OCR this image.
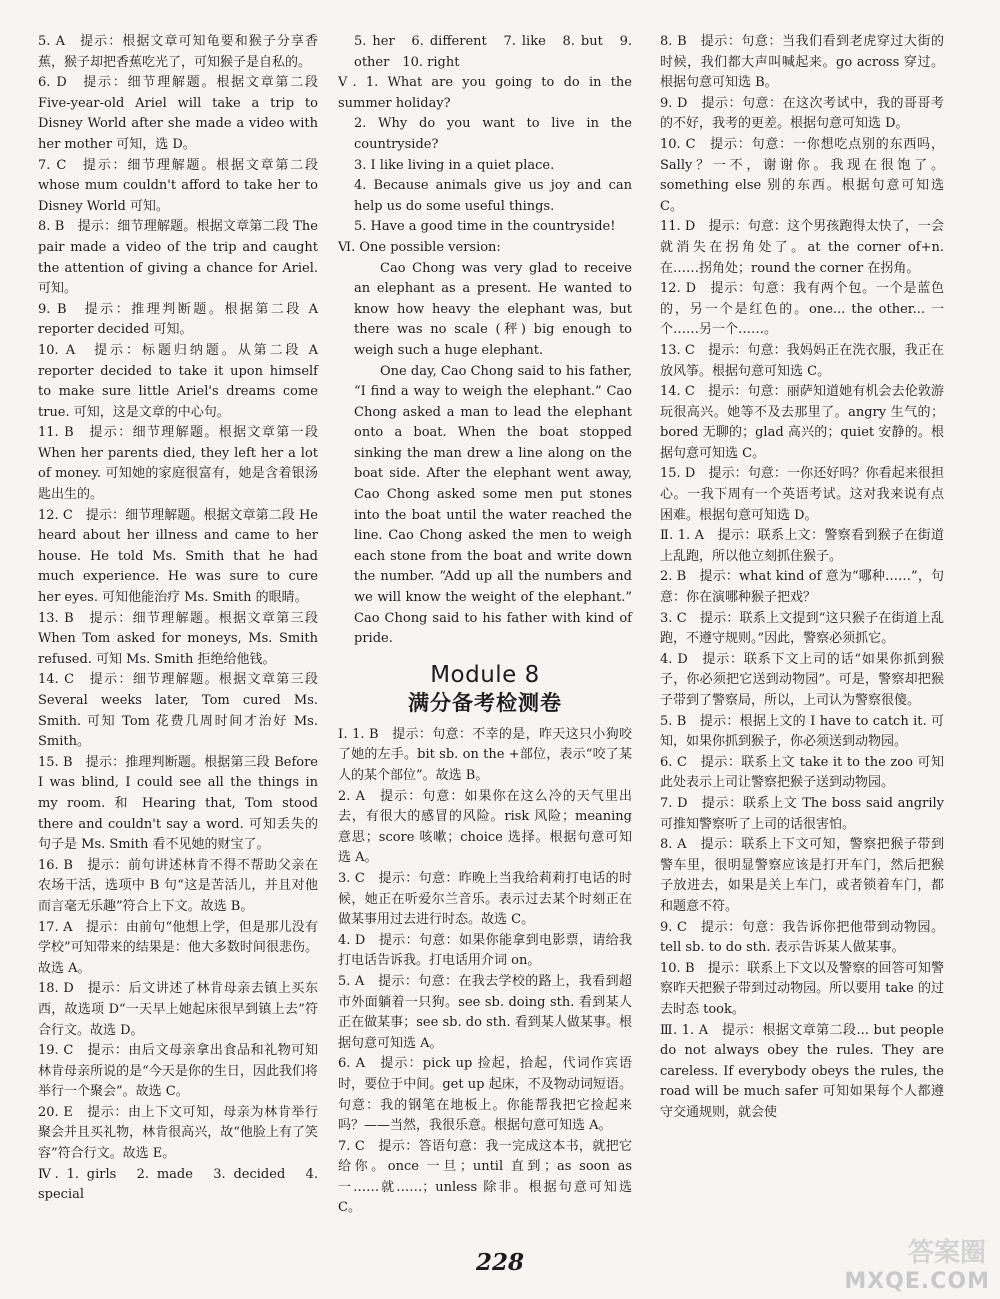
5. A　提示：根据文章可知龟要和猴子分享香蕉，猴子却把香蕉吃光了，可知猴子是自私的。

6. D　提示：细节理解题。根据文章第二段 Five-year-old Ariel will take a trip to Disney World after she made a video with her mother 可知，选 D。

7. C　提示：细节理解题。根据文章第二段 whose mum couldn't afford to take her to Disney World 可知。

8. B　提示：细节理解题。根据文章第二段 The pair made a video of the trip and caught the attention of giving a chance for Ariel. 可知。

9. B　提示：推理判断题。根据第二段 A reporter decided 可知。

10. A　提示：标题归纳题。从第二段 A reporter decided to take it upon himself to make sure little Ariel's dreams come true. 可知，这是文章的中心句。

11. B　提示：细节理解题。根据文章第一段 When her parents died, they left her a lot of money. 可知她的家庭很富有，她是含着银汤匙出生的。

12. C　提示：细节理解题。根据文章第二段 He heard about her illness and came to her house. He told Ms. Smith that he had much experience. He was sure to cure her eyes. 可知他能治疗 Ms. Smith 的眼睛。

13. B　提示：细节理解题。根据文章第三段 When Tom asked for moneys, Ms. Smith refused. 可知 Ms. Smith 拒绝给他钱。

14. C　提示：细节理解题。根据文章第三段 Several weeks later, Tom cured Ms. Smith. 可知 Tom 花费几周时间才治好 Ms. Smith。

15. B　提示：推理判断题。根据第三段 Before I was blind, I could see all the things in my room. 和 Hearing that, Tom stood there and couldn't say a word. 可知丢失的句子是 Ms. Smith 看不见她的财宝了。

16. B　提示：前句讲述林肯不得不帮助父亲在农场干活，选项中 B 句“这是苦活儿，并且对他而言毫无乐趣”符合上下文。故选 B。

17. A　提示：由前句“他想上学，但是那儿没有学校”可知带来的结果是：他大多数时间很悲伤。故选 A。

18. D　提示：后文讲述了林肯母亲去镇上买东西，故选项 D“一天早上她起床很早到镇上去”符合行文。故选 D。

19. C　提示：由后文母亲拿出食品和礼物可知林肯母亲所说的是“今天是你的生日，因此我们将举行一个聚会”。故选 C。

20. E　提示：由上下文可知，母亲为林肯举行聚会并且买礼物，林肯很高兴，故“他脸上有了笑容”符合行文。故选 E。

Ⅳ. 1. girls　2. made　3. decided　4. special

5. her　6. different　7. like　8. but　9. other　10. right

Ⅴ. 1. What are you going to do in the summer holiday?

2. Why do you want to live in the countryside?

3. I like living in a quiet place.

4. Because animals give us joy and can help us do some useful things.

5. Have a good time in the countryside!

Ⅵ. One possible version:

Cao Chong was very glad to receive an elephant as a present. He wanted to know how heavy the elephant was, but there was no scale (秤) big enough to weigh such a huge elephant.

One day, Cao Chong said to his father, “I find a way to weigh the elephant.” Cao Chong asked a man to lead the elephant onto a boat. When the boat stopped sinking the man drew a line along on the boat side. After the elephant went away, Cao Chong asked some men put stones into the boat until the water reached the line. Cao Chong asked the men to weigh each stone from the boat and write down the number. “Add up all the numbers and we will know the weight of the elephant.” Cao Chong said to his father with kind of pride.

Module 8
满分备考检测卷

Ⅰ. 1. B　提示：句意：不幸的是，昨天这只小狗咬了她的左手。bit sb. on the +部位，表示“咬了某人的某个部位”。故选 B。

2. A　提示：句意：如果你在这么冷的天气里出去，有很大的感冒的风险。risk 风险；meaning 意思；score 咳嗽；choice 选择。根据句意可知选 A。

3. C　提示：句意：昨晚上当我给莉莉打电话的时候，她正在听爱尔兰音乐。表示过去某个时刻正在做某事用过去进行时态。故选 C。

4. D　提示：句意：如果你能拿到电影票，请给我打电话告诉我。打电话用介词 on。

5. A　提示：句意：在我去学校的路上，我看到超市外面躺着一只狗。see sb. doing sth. 看到某人正在做某事；see sb. do sth. 看到某人做某事。根据句意可知选 A。

6. A　提示：pick up 捡起，拾起，代词作宾语时，要位于中间。get up 起床，不及物动词短语。句意：我的钢笔在地板上。你能帮我把它捡起来吗？——当然，我很乐意。根据句意可知选 A。

7. C　提示：答语句意：我一完成这本书，就把它给你。once 一旦；until 直到；as soon as 一……就……；unless 除非。根据句意可知选 C。

8. B　提示：句意：当我们看到老虎穿过大街的时候，我们都大声叫喊起来。go across 穿过。根据句意可知选 B。

9. D　提示：句意：在这次考试中，我的哥哥考的不好，我考的更差。根据句意可知选 D。

10. C　提示：句意：一你想吃点别的东西吗，Sally？一不，谢谢你。我现在很饱了。something else 别的东西。根据句意可知选 C。

11. D　提示：句意：这个男孩跑得太快了，一会就消失在拐角处了。at the corner of+n. 在……拐角处；round the corner 在拐角。

12. D　提示：句意：我有两个包。一个是蓝色的，另一个是红色的。one... the other... 一个……另一个……。

13. C　提示：句意：我妈妈正在洗衣服，我正在放风筝。根据句意可知选 C。

14. C　提示：句意：丽萨知道她有机会去伦敦游玩很高兴。她等不及去那里了。angry 生气的；bored 无聊的；glad 高兴的；quiet 安静的。根据句意可知选 C。

15. D　提示：句意：一你还好吗？你看起来很担心。一我下周有一个英语考试。这对我来说有点困难。根据句意可知选 D。

Ⅱ. 1. A　提示：联系上文：警察看到猴子在街道上乱跑，所以他立刻抓住猴子。

2. B　提示：what kind of 意为“哪种……”，句意：你在演哪种猴子把戏？

3. C　提示：联系上文提到“这只猴子在街道上乱跑，不遵守规则。”因此，警察必须抓它。

4. D　提示：联系下文上司的话“如果你抓到猴子，你必须把它送到动物园”。可是，警察却把猴子带到了警察局，所以，上司认为警察很傻。

5. B　提示：根据上文的 I have to catch it. 可知，如果你抓到猴子，你必须送到动物园。

6. C　提示：联系上文 take it to the zoo 可知此处表示上司让警察把猴子送到动物园。

7. D　提示：联系上文 The boss said angrily 可推知警察听了上司的话很害怕。

8. A　提示：联系上下文可知，警察把猴子带到警车里，很明显警察应该是打开车门，然后把猴子放进去，如果是关上车门，或者锁着车门，都和题意不符。

9. C　提示：句意：我告诉你把他带到动物园。tell sb. to do sth. 表示告诉某人做某事。

10. B　提示：联系上下文以及警察的回答可知警察昨天把猴子带到过动物园。所以要用 take 的过去时态 took。

Ⅲ. 1. A　提示：根据文章第二段... but people do not always obey the rules. They are careless. If everybody obeys the rules, the road will be much safer 可知如果每个人都遵守交通规则，就会使

228	答案圈
MXQE.COM
